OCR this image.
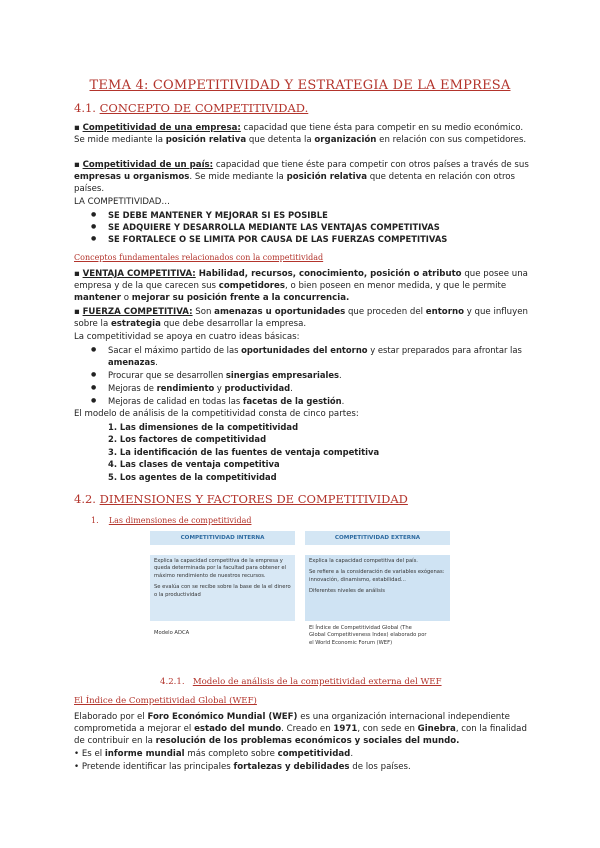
TEMA 4: COMPETITIVIDAD Y ESTRATEGIA DE LA EMPRESA
4.1. CONCEPTO DE COMPETITIVIDAD.
▪ Competitividad de una empresa: capacidad que tiene ésta para competir en su medio económico. Se mide mediante la posición relativa que detenta la organización en relación con sus competidores.
▪ Competitividad de un país: capacidad que tiene éste para competir con otros países a través de sus empresas u organismos. Se mide mediante la posición relativa que detenta en relación con otros países.
LA COMPETITIVIDAD…
● SE DEBE MANTENER Y MEJORAR SI ES POSIBLE
● SE ADQUIERE Y DESARROLLA MEDIANTE LAS VENTAJAS COMPETITIVAS
● SE FORTALECE O SE LIMITA POR CAUSA DE LAS FUERZAS COMPETITIVAS
Conceptos fundamentales relacionados con la competitividad
▪ VENTAJA COMPETITIVA: Habilidad, recursos, conocimiento, posición o atributo que posee una empresa y de la que carecen sus competidores, o bien poseen en menor medida, y que le permite mantener o mejorar su posición frente a la concurrencia.
▪ FUERZA COMPETITIVA: Son amenazas u oportunidades que proceden del entorno y que influyen sobre la estrategia que debe desarrollar la empresa.
La competitividad se apoya en cuatro ideas básicas:
● Sacar el máximo partido de las oportunidades del entorno y estar preparados para afrontar las amenazas.
● Procurar que se desarrollen sinergias empresariales.
● Mejoras de rendimiento y productividad.
● Mejoras de calidad en todas las facetas de la gestión.
El modelo de análisis de la competitividad consta de cinco partes:
1. Las dimensiones de la competitividad
2. Los factores de competitividad
3. La identificación de las fuentes de ventaja competitiva
4. Las clases de ventaja competitiva
5. Los agentes de la competitividad
4.2. DIMENSIONES Y FACTORES DE COMPETITIVIDAD
1. Las dimensiones de competitividad
COMPETITIVIDAD INTERNA
Explica la capacidad competitiva de la empresa y queda determinada por la facultad para obtener el máximo rendimiento de nuestros recursos.
Se evalúa con se recibe sobre la base de la el dinero o la productividad
Modelo ADCA
COMPETITIVIDAD EXTERNA
Explica la capacidad competitiva del país.
Se refiere a la consideración de variables exógenas: innovación, dinamismo, estabilidad...
Diferentes niveles de análisis
El Índice de Competitividad Global (The Global Competitiveness Index) elaborado por el World Economic Forum (WEF)
4.2.1. Modelo de análisis de la competitividad externa del WEF
El Índice de Competitividad Global (WEF)
Elaborado por el Foro Económico Mundial (WEF) es una organización internacional independiente comprometida a mejorar el estado del mundo. Creado en 1971, con sede en Ginebra, con la finalidad de contribuir en la resolución de los problemas económicos y sociales del mundo.
• Es el informe mundial más completo sobre competitividad.
• Pretende identificar las principales fortalezas y debilidades de los países.
